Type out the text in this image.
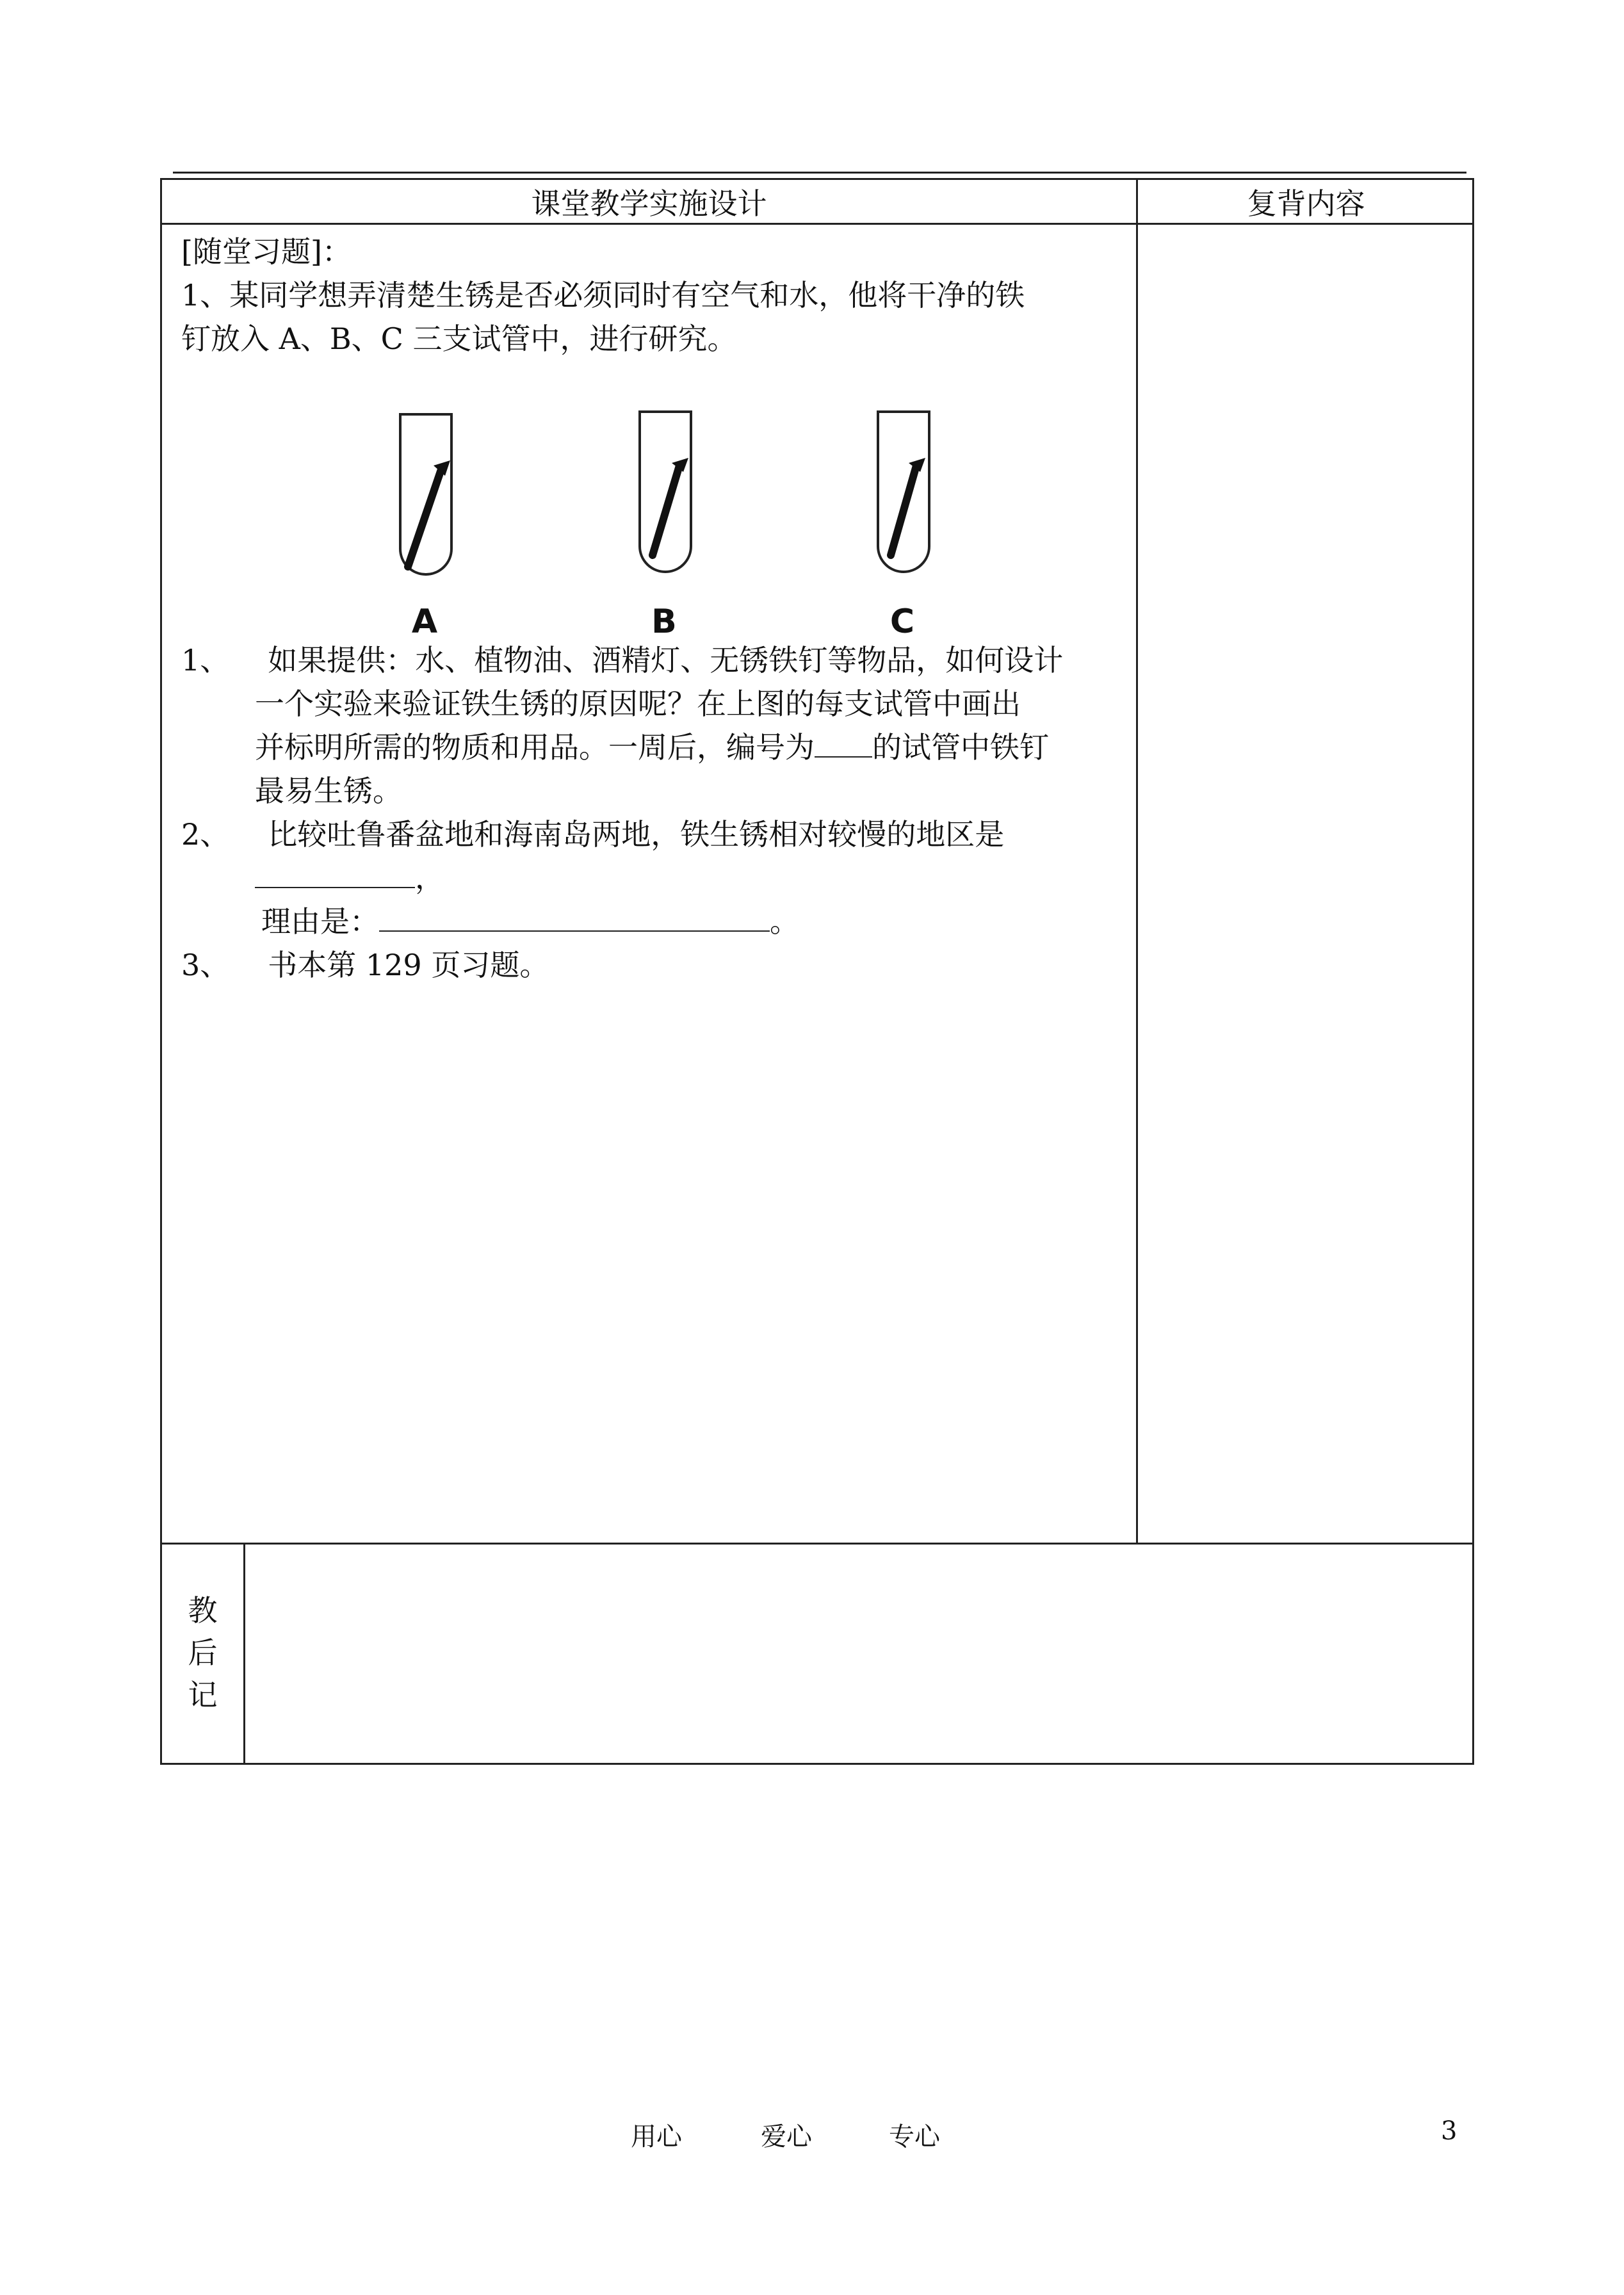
课堂教学实施设计
[随堂习题]：
1、某同学想弄清楚生锈是否必须同时有空气和水，他将干净的铁
钉放入 A、B、C 三支试管中，进行研究。
A	B	C
1、 如果提供：水、植物油、酒精灯、无锈铁钉等物品，如何设计
一个实验来验证铁生锈的原因呢？在上图的每支试管中画出
并标明所需的物质和用品。一周后，编号为 的试管中铁钉
最易生锈。
2、 比较吐鲁番盆地和海南岛两地，铁生锈相对较慢的地区是
，
理由是：	。
3、 书本第 129 页习题。
复背内容
教
后
记
用心	爱心	专心	3
